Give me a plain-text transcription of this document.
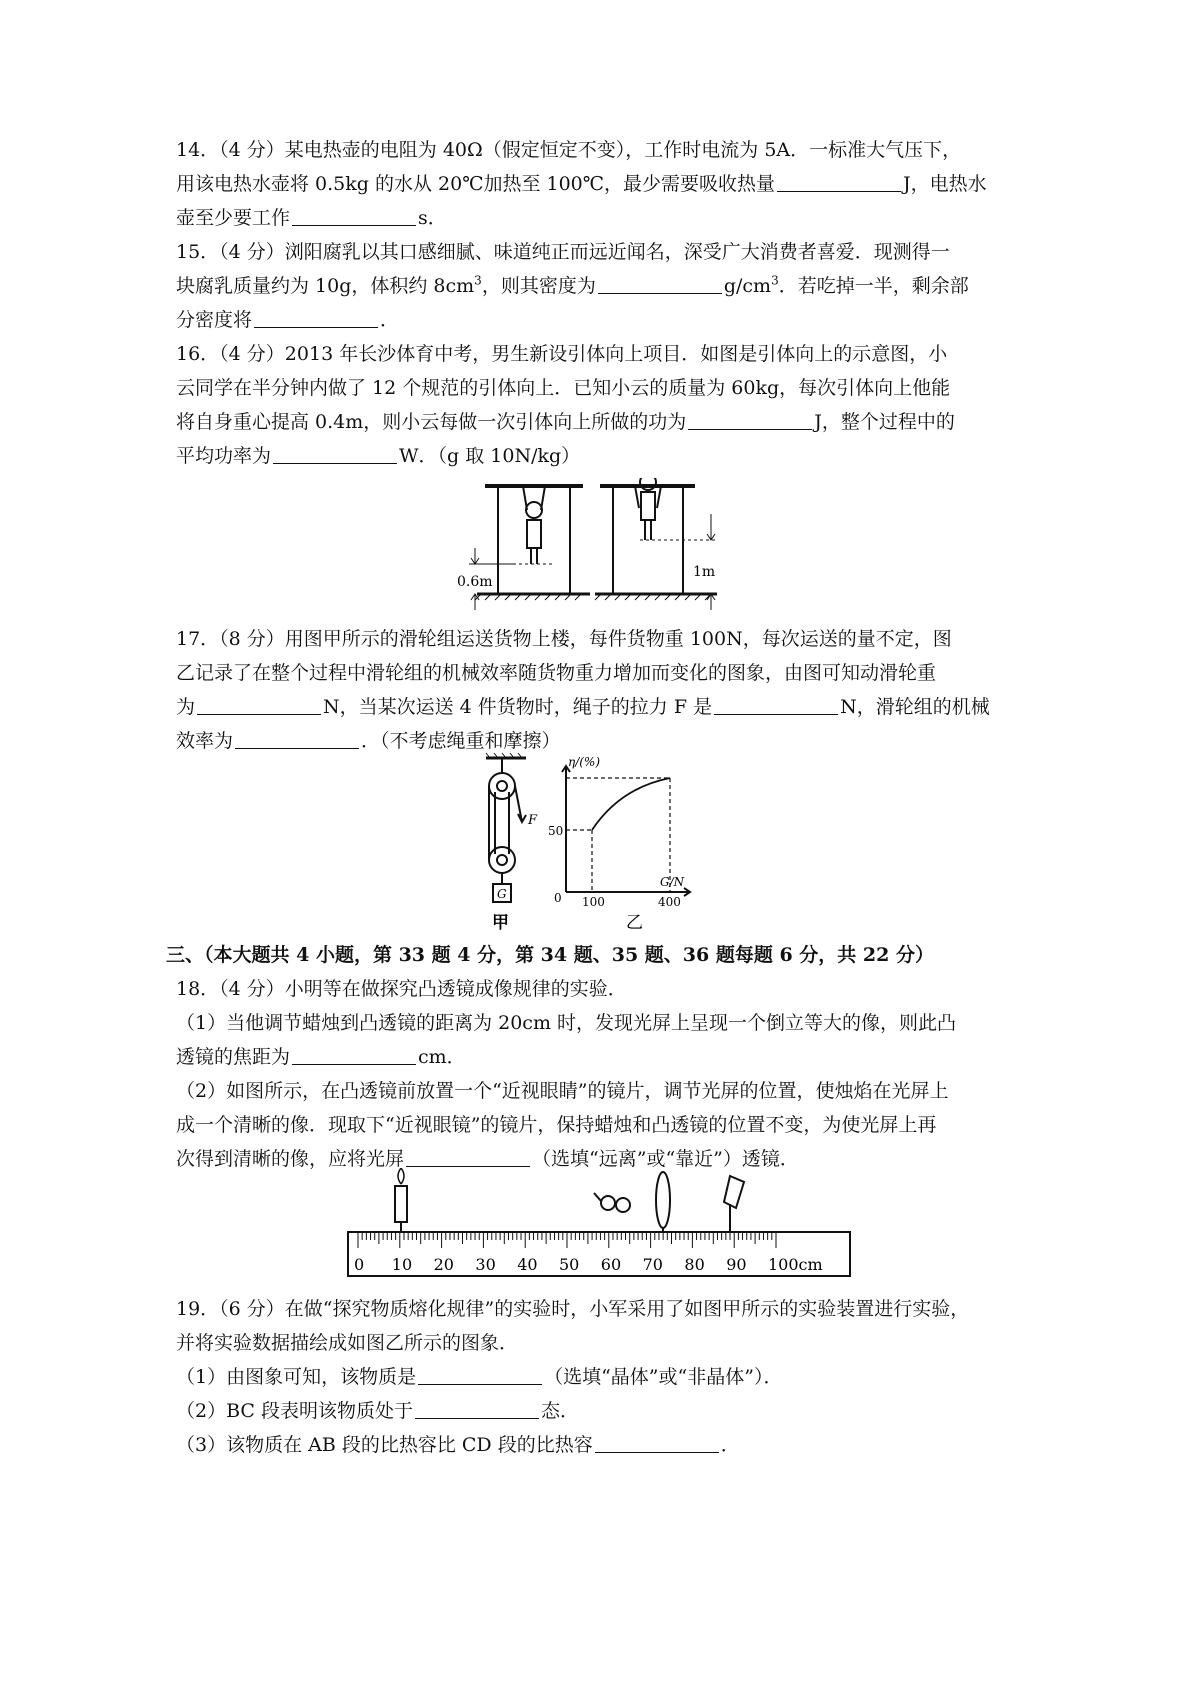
14．（4 分）某电热壶的电阻为 40Ω（假定恒定不变），工作时电流为 5A．一标准大气压下，

用该电热水壶将 0.5kg 的水从 20℃加热至 100℃，最少需要吸收热量	J，电热水

壶至少要工作	s．

15．（4 分）浏阳腐乳以其口感细腻、味道纯正而远近闻名，深受广大消费者喜爱．现测得一

块腐乳质量约为 10g，体积约 $8cm^3$，则其密度为	$g/cm^3$．若吃掉一半，剩余部

分密度将	．

16．（4 分）2013 年长沙体育中考，男生新设引体向上项目．如图是引体向上的示意图，小

云同学在半分钟内做了 12 个规范的引体向上．已知小云的质量为 60kg，每次引体向上他能

将自身重心提高 0.4m，则小云每做一次引体向上所做的功为	J，整个过程中的

平均功率为	W．（g 取 10N/kg）

0.6m
1m

17．（8 分）用图甲所示的滑轮组运送货物上楼，每件货物重 100N，每次运送的量不定，图

乙记录了在整个过程中滑轮组的机械效率随货物重力增加而变化的图象，由图可知动滑轮重

为	N，当某次运送 4 件货物时，绳子的拉力 F 是	N，滑轮组的机械

效率为	．（不考虑绳重和摩擦）

F
G
甲
η/(%)
50
0 100	400
G/N
乙
三、（本大题共 4 小题，第 33 题 4 分，第 34 题、35 题、36 题每题 6 分，共 22 分）

18．（4 分）小明等在做探究凸透镜成像规律的实验．

（1）当他调节蜡烛到凸透镜的距离为 20cm 时，发现光屏上呈现一个倒立等大的像，则此凸

透镜的焦距为	cm．

（2）如图所示，在凸透镜前放置一个“近视眼睛”的镜片，调节光屏的位置，使烛焰在光屏上

成一个清晰的像．现取下“近视眼镜”的镜片，保持蜡烛和凸透镜的位置不变，为使光屏上再

次得到清晰的像，应将光屏	（选填“远离”或“靠近”）透镜．

0 10 20 30 40 50 60 70 80 90 100cm

19．（6 分）在做“探究物质熔化规律”的实验时，小军采用了如图甲所示的实验装置进行实验，

并将实验数据描绘成如图乙所示的图象．

（1）由图象可知，该物质是	（选填“晶体”或“非晶体”）．

（2）BC 段表明该物质处于	态．

（3）该物质在 AB 段的比热容比 CD 段的比热容	．
